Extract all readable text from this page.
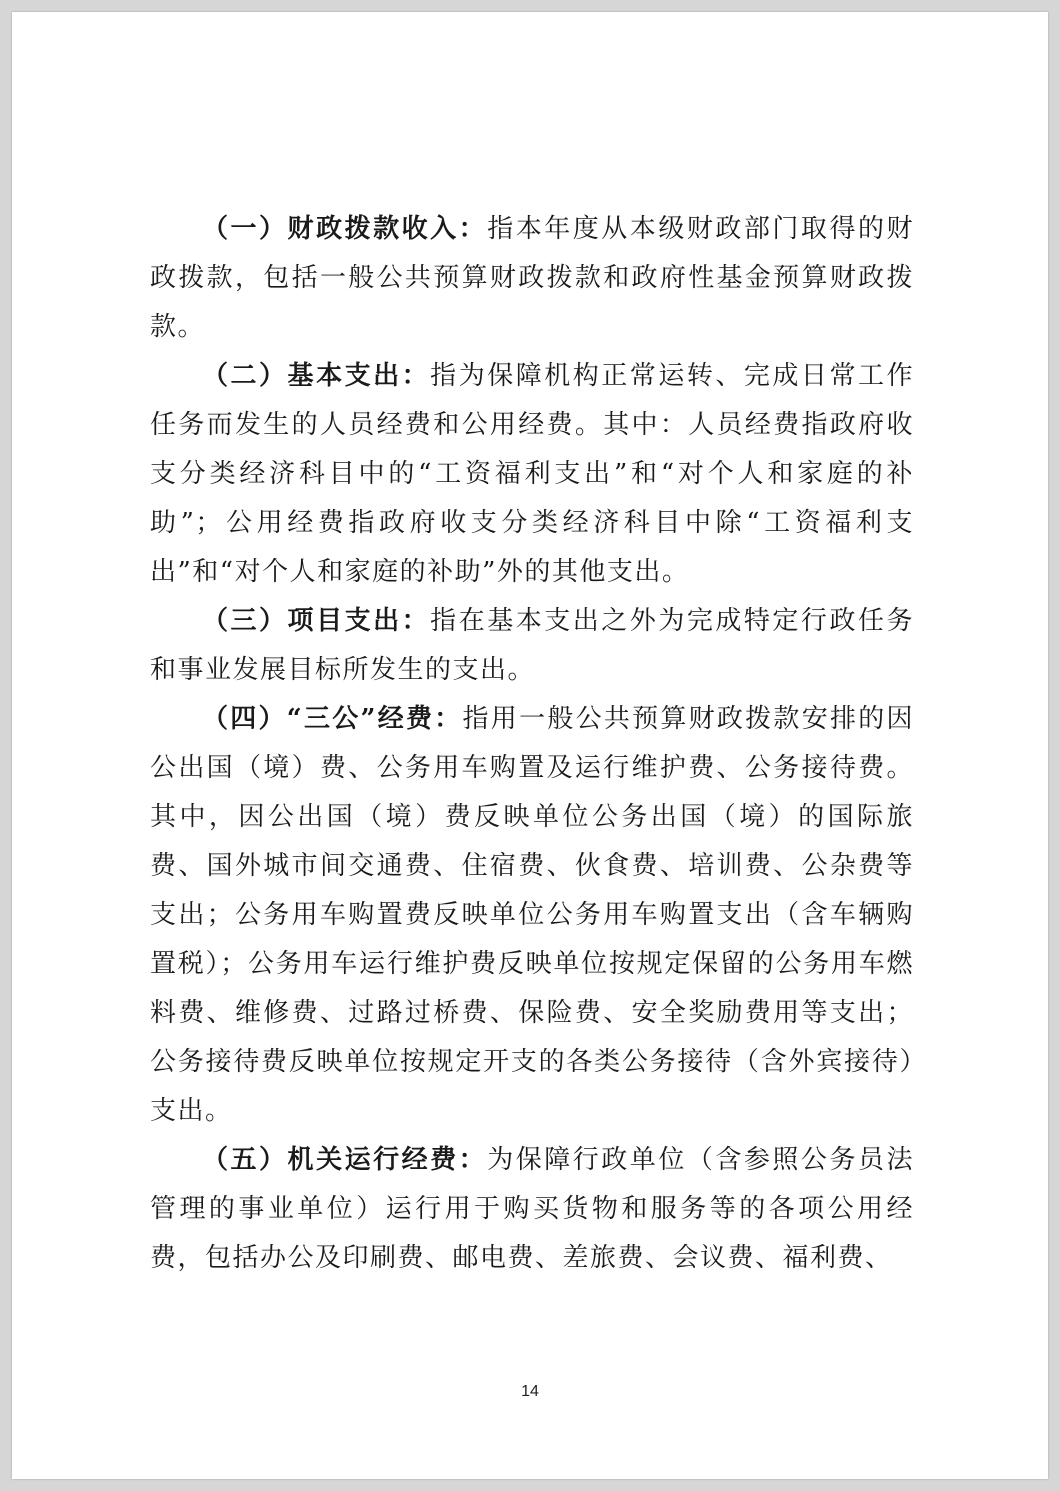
（一）财政拨款收入：指本年度从本级财政部门取得的财政拨款，包括一般公共预算财政拨款和政府性基金预算财政拨款。

（二）基本支出：指为保障机构正常运转、完成日常工作任务而发生的人员经费和公用经费。其中：人员经费指政府收支分类经济科目中的“工资福利支出”和“对个人和家庭的补助”；公用经费指政府收支分类经济科目中除“工资福利支出”和“对个人和家庭的补助”外的其他支出。

（三）项目支出：指在基本支出之外为完成特定行政任务和事业发展目标所发生的支出。

（四）“三公”经费：指用一般公共预算财政拨款安排的因公出国（境）费、公务用车购置及运行维护费、公务接待费。其中，因公出国（境）费反映单位公务出国（境）的国际旅费、国外城市间交通费、住宿费、伙食费、培训费、公杂费等支出；公务用车购置费反映单位公务用车购置支出（含车辆购置税）；公务用车运行维护费反映单位按规定保留的公务用车燃料费、维修费、过路过桥费、保险费、安全奖励费用等支出；公务接待费反映单位按规定开支的各类公务接待（含外宾接待）支出。

（五）机关运行经费：为保障行政单位（含参照公务员法管理的事业单位）运行用于购买货物和服务等的各项公用经费，包括办公及印刷费、邮电费、差旅费、会议费、福利费、

14
